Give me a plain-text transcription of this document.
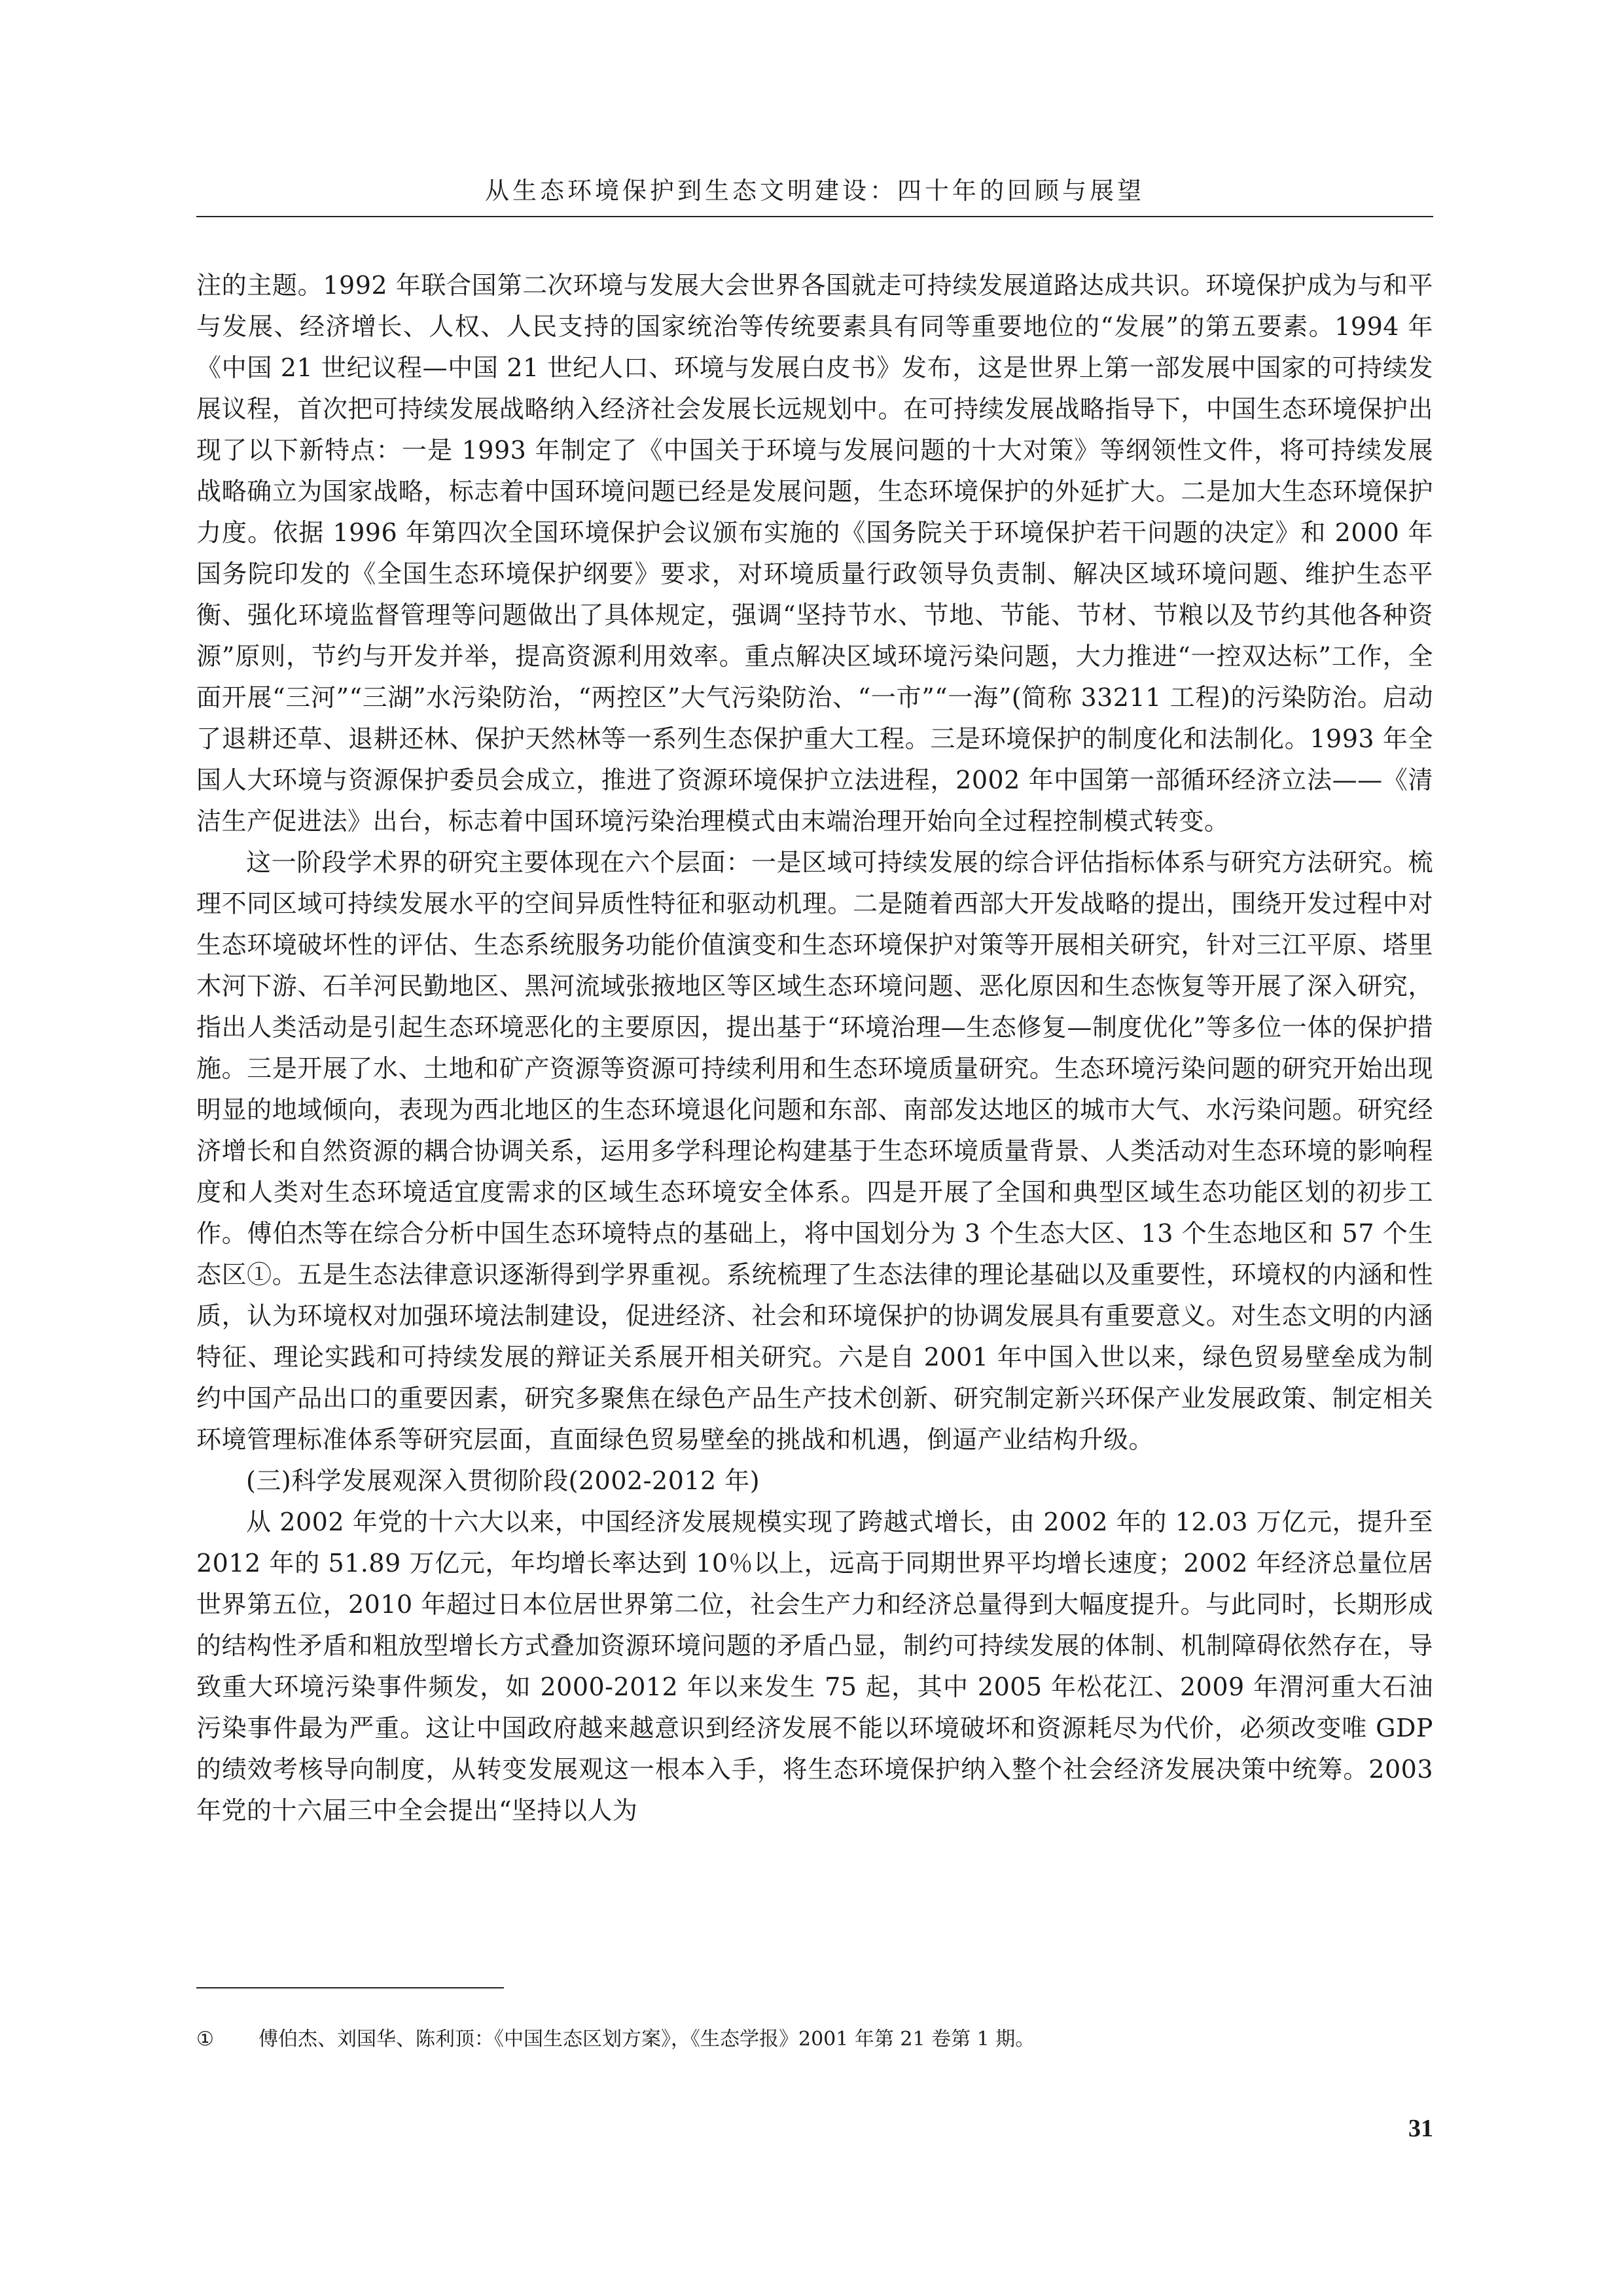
从生态环境保护到生态文明建设：四十年的回顾与展望

注的主题。1992 年联合国第二次环境与发展大会世界各国就走可持续发展道路达成共识。环境保护成为与和平与发展、经济增长、人权、人民支持的国家统治等传统要素具有同等重要地位的“发展”的第五要素。1994 年《中国 21 世纪议程—中国 21 世纪人口、环境与发展白皮书》发布，这是世界上第一部发展中国家的可持续发展议程，首次把可持续发展战略纳入经济社会发展长远规划中。在可持续发展战略指导下，中国生态环境保护出现了以下新特点：一是 1993 年制定了《中国关于环境与发展问题的十大对策》等纲领性文件，将可持续发展战略确立为国家战略，标志着中国环境问题已经是发展问题，生态环境保护的外延扩大。二是加大生态环境保护力度。依据 1996 年第四次全国环境保护会议颁布实施的《国务院关于环境保护若干问题的决定》和 2000 年国务院印发的《全国生态环境保护纲要》要求，对环境质量行政领导负责制、解决区域环境问题、维护生态平衡、强化环境监督管理等问题做出了具体规定，强调“坚持节水、节地、节能、节材、节粮以及节约其他各种资源”原则，节约与开发并举，提高资源利用效率。重点解决区域环境污染问题，大力推进“一控双达标”工作，全面开展“三河”“三湖”水污染防治，“两控区”大气污染防治、“一市”“一海”(简称 33211 工程)的污染防治。启动了退耕还草、退耕还林、保护天然林等一系列生态保护重大工程。三是环境保护的制度化和法制化。1993 年全国人大环境与资源保护委员会成立，推进了资源环境保护立法进程，2002 年中国第一部循环经济立法——《清洁生产促进法》出台，标志着中国环境污染治理模式由末端治理开始向全过程控制模式转变。

这一阶段学术界的研究主要体现在六个层面：一是区域可持续发展的综合评估指标体系与研究方法研究。梳理不同区域可持续发展水平的空间异质性特征和驱动机理。二是随着西部大开发战略的提出，围绕开发过程中对生态环境破坏性的评估、生态系统服务功能价值演变和生态环境保护对策等开展相关研究，针对三江平原、塔里木河下游、石羊河民勤地区、黑河流域张掖地区等区域生态环境问题、恶化原因和生态恢复等开展了深入研究，指出人类活动是引起生态环境恶化的主要原因，提出基于“环境治理—生态修复—制度优化”等多位一体的保护措施。三是开展了水、土地和矿产资源等资源可持续利用和生态环境质量研究。生态环境污染问题的研究开始出现明显的地域倾向，表现为西北地区的生态环境退化问题和东部、南部发达地区的城市大气、水污染问题。研究经济增长和自然资源的耦合协调关系，运用多学科理论构建基于生态环境质量背景、人类活动对生态环境的影响程度和人类对生态环境适宜度需求的区域生态环境安全体系。四是开展了全国和典型区域生态功能区划的初步工作。傅伯杰等在综合分析中国生态环境特点的基础上，将中国划分为 3 个生态大区、13 个生态地区和 57 个生态区①。五是生态法律意识逐渐得到学界重视。系统梳理了生态法律的理论基础以及重要性，环境权的内涵和性质，认为环境权对加强环境法制建设，促进经济、社会和环境保护的协调发展具有重要意义。对生态文明的内涵特征、理论实践和可持续发展的辩证关系展开相关研究。六是自 2001 年中国入世以来，绿色贸易壁垒成为制约中国产品出口的重要因素，研究多聚焦在绿色产品生产技术创新、研究制定新兴环保产业发展政策、制定相关环境管理标准体系等研究层面，直面绿色贸易壁垒的挑战和机遇，倒逼产业结构升级。

(三)科学发展观深入贯彻阶段(2002-2012 年)

从 2002 年党的十六大以来，中国经济发展规模实现了跨越式增长，由 2002 年的 12.03 万亿元，提升至 2012 年的 51.89 万亿元，年均增长率达到 10％以上，远高于同期世界平均增长速度；2002 年经济总量位居世界第五位，2010 年超过日本位居世界第二位，社会生产力和经济总量得到大幅度提升。与此同时，长期形成的结构性矛盾和粗放型增长方式叠加资源环境问题的矛盾凸显，制约可持续发展的体制、机制障碍依然存在，导致重大环境污染事件频发，如 2000-2012 年以来发生 75 起，其中 2005 年松花江、2009 年渭河重大石油污染事件最为严重。这让中国政府越来越意识到经济发展不能以环境破坏和资源耗尽为代价，必须改变唯 GDP 的绩效考核导向制度，从转变发展观这一根本入手，将生态环境保护纳入整个社会经济发展决策中统筹。2003 年党的十六届三中全会提出“坚持以人为

① 傅伯杰、刘国华、陈利顶：《中国生态区划方案》，《生态学报》2001 年第 21 卷第 1 期。
31
